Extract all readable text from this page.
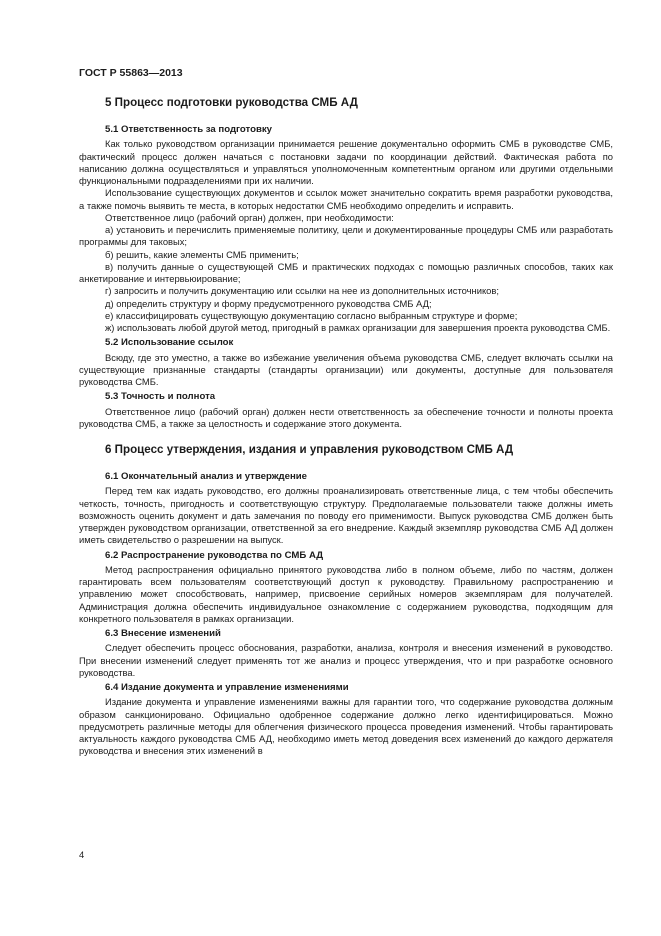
ГОСТ Р 55863—2013
5 Процесс подготовки руководства СМБ АД
5.1 Ответственность за подготовку
Как только руководством организации принимается решение документально оформить СМБ в руководстве СМБ, фактический процесс должен начаться с постановки задачи по координации действий. Фактическая работа по написанию должна осуществляться и управляться уполномоченным компетентным органом или другими отдельными функциональными подразделениями при их наличии.
Использование существующих документов и ссылок может значительно сократить время разработки руководства, а также помочь выявить те места, в которых недостатки СМБ необходимо определить и исправить.
Ответственное лицо (рабочий орган) должен, при необходимости:
а) установить и перечислить применяемые политику, цели и документированные процедуры СМБ или разработать программы для таковых;
б) решить, какие элементы СМБ применить;
в) получить данные о существующей СМБ и практических подходах с помощью различных способов, таких как анкетирование и интервьюирование;
г) запросить и получить документацию или ссылки на нее из дополнительных источников;
д) определить структуру и форму предусмотренного руководства СМБ АД;
е) классифицировать существующую документацию согласно выбранным структуре и форме;
ж) использовать любой другой метод, пригодный в рамках организации для завершения проекта руководства СМБ.
5.2 Использование ссылок
Всюду, где это уместно, а также во избежание увеличения объема руководства СМБ, следует включать ссылки на существующие признанные стандарты (стандарты организации) или документы, доступные для пользователя руководства СМБ.
5.3 Точность и полнота
Ответственное лицо (рабочий орган) должен нести ответственность за обеспечение точности и полноты проекта руководства СМБ, а также за целостность и содержание этого документа.
6 Процесс утверждения, издания и управления руководством СМБ АД
6.1 Окончательный анализ и утверждение
Перед тем как издать руководство, его должны проанализировать ответственные лица, с тем чтобы обеспечить четкость, точность, пригодность и соответствующую структуру. Предполагаемые пользователи также должны иметь возможность оценить документ и дать замечания по поводу его применимости. Выпуск руководства СМБ должен быть утвержден руководством организации, ответственной за его внедрение. Каждый экземпляр руководства СМБ АД должен иметь свидетельство о разрешении на выпуск.
6.2 Распространение руководства по СМБ АД
Метод распространения официально принятого руководства либо в полном объеме, либо по частям, должен гарантировать всем пользователям соответствующий доступ к руководству. Правильному распространению и управлению может способствовать, например, присвоение серийных номеров экземплярам для получателей. Администрация должна обеспечить индивидуальное ознакомление с содержанием руководства, подходящим для конкретного пользователя в рамках организации.
6.3 Внесение изменений
Следует обеспечить процесс обоснования, разработки, анализа, контроля и внесения изменений в руководство. При внесении изменений следует применять тот же анализ и процесс утверждения, что и при разработке основного руководства.
6.4 Издание документа и управление изменениями
Издание документа и управление изменениями важны для гарантии того, что содержание руководства должным образом санкционировано. Официально одобренное содержание должно легко идентифицироваться. Можно предусмотреть различные методы для облегчения физического процесса проведения изменений. Чтобы гарантировать актуальность каждого руководства СМБ АД, необходимо иметь метод доведения всех изменений до каждого держателя руководства и внесения этих изменений в
4
